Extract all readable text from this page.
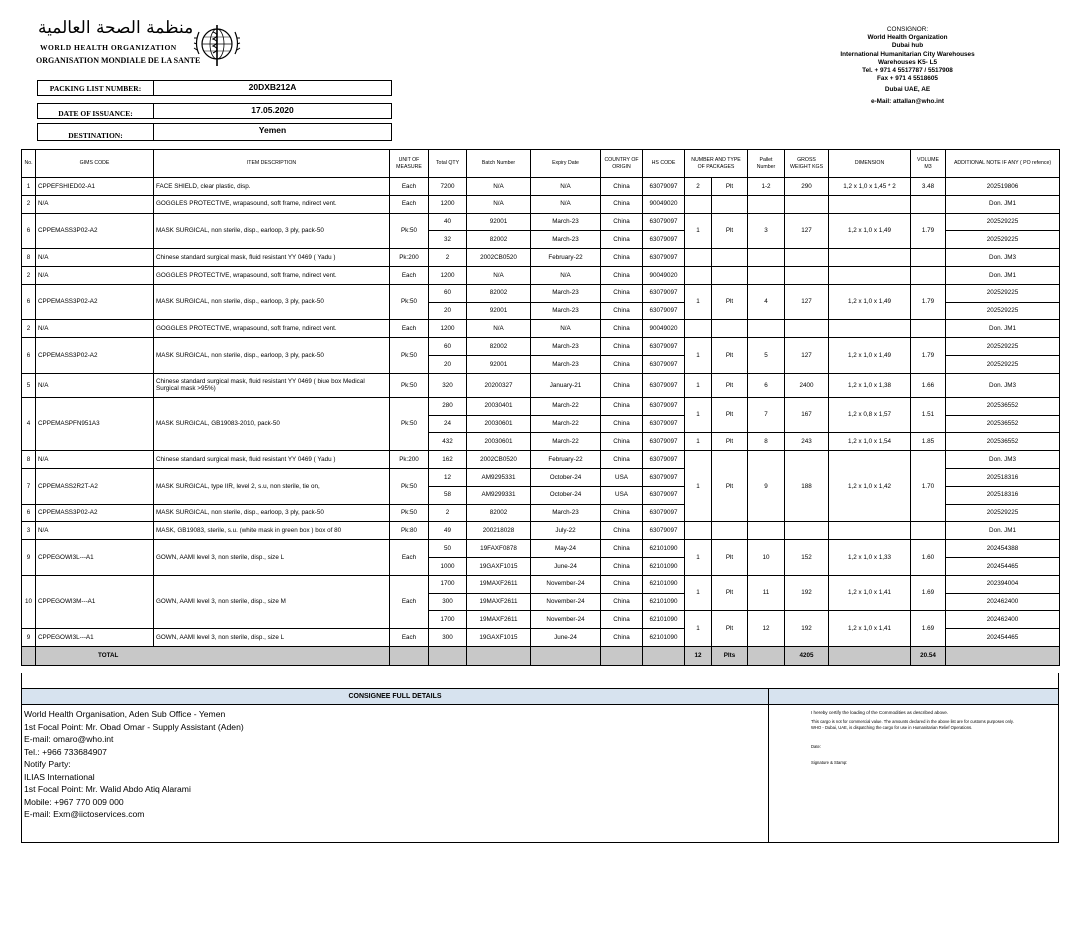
منظمة الصحة العالمية
WORLD HEALTH ORGANIZATION
ORGANISATION MONDIALE DE LA SANTE
CONSIGNOR:
World Health Organization
Dubai hub
International Humanitarian City Warehouses
Warehouses K5- L5
Tel. + 971 4 5517787 / 5517908
Fax + 971 4 5518605
Dubai UAE, AE
e-Mail: attallan@who.int
PACKING LIST NUMBER:	20DXB212A
DATE OF ISSUANCE:	17.05.2020
DESTINATION:	Yemen
No.	GIMS CODE	ITEM DESCRIPTION	UNIT OF MEASURE	Total QTY	Batch Number	Expiry Date	COUNTRY OF ORIGIN	HS CODE	NUMBER AND TYPE OF PACKAGES		Pallet Number	GROSS WEIGHT KGS	DIMENSION	VOLUME M3	ADDITIONAL NOTE IF ANY ( PO refence)
1	CPPEFSHIED02-A1	FACE SHIELD, clear plastic, disp.	Each	7200	N/A	N/A	China	63079097	2	Plt	1-2	290	1,2 x 1,0 x 1,45 * 2	3.48	202519806
2	N/A	GOGGLES PROTECTIVE, wrapasound, soft frame, ndirect vent.	Each	1200	N/A	N/A	China	90049020							Don. JM1
6	CPPEMASS3P02-A2	MASK SURGICAL, non sterile, disp., earloop, 3 ply, pack-50	Pk:50	40	92001	March-23	China	63079097	1	Plt	3	127	1,2 x 1,0 x 1,49	1.79	202529225
				32	82002	March-23	China	63079097							202529225
8	N/A	Chinese standard surgical mask, fluid resistant YY 0469 ( Yadu )	Pk:200	2	2002CB0520	February-22	China	63079097							Don. JM3
2	N/A	GOGGLES PROTECTIVE, wrapasound, soft frame, ndirect vent.	Each	1200	N/A	N/A	China	90049020							Don. JM1
6	CPPEMASS3P02-A2	MASK SURGICAL, non sterile, disp., earloop, 3 ply, pack-50	Pk:50	60	82002	March-23	China	63079097	1	Plt	4	127	1,2 x 1,0 x 1,49	1.79	202529225
				20	92001	March-23	China	63079097							202529225
2	N/A	GOGGLES PROTECTIVE, wrapasound, soft frame, ndirect vent.	Each	1200	N/A	N/A	China	90049020							Don. JM1
6	CPPEMASS3P02-A2	MASK SURGICAL, non sterile, disp., earloop, 3 ply, pack-50	Pk:50	60	82002	March-23	China	63079097	1	Plt	5	127	1,2 x 1,0 x 1,49	1.79	202529225
				20	92001	March-23	China	63079097							202529225
5	N/A	Chinese standard surgical mask, fluid resistant YY 0469 ( biue box Medical Surgical mask >95%)	Pk:50	320	20200327	January-21	China	63079097	1	Plt	6	2400	1,2 x 1,0 x 1,38	1.66	Don. JM3
4	CPPEMASPFN951A3	MASK SURGICAL, GB19083-2010, pack-50	Pk:50	280	20030401	March-22	China	63079097	1	Plt	7	167	1,2 x 0,8 x 1,57	1.51	202536552
				24	20030601	March-22	China	63079097							202536552
				432	20030601	March-22	China	63079097	1	Plt	8	243	1,2 x 1,0 x 1,54	1.85	202536552
8	N/A	Chinese standard surgical mask, fluid resistant YY 0469 ( Yadu )	Pk:200	162	2002CB0520	February-22	China	63079097	1	Plt	9	188	1,2 x 1,0 x 1,42	1.70	Don. JM3
7	CPPEMASS2R2T-A2	MASK SURGICAL, type IIR, level 2, s.u, non sterile, tie on,	Pk:50	12	AM9295331	October-24	USA	63079097							202518316
				58	AM9299331	October-24	USA	63079097							202518316
6	CPPEMASS3P02-A2	MASK SURGICAL, non sterile, disp., earloop, 3 ply, pack-50	Pk:50	2	82002	March-23	China	63079097							202529225
3	N/A	MASK, GB19083, sterile, s.u. (white mask in green box ) box of 80	Pk:80	49	200218028	July-22	China	63079097							Don. JM1
9	CPPEGOWI3L---A1	GOWN, AAMI level 3, non sterile, disp., size L	Each	50	19FAXF0878	May-24	China	62101090	1	Plt	10	152	1,2 x 1,0 x 1,33	1.60	202454388
				1000	19GAXF1015	June-24	China	62101090							202454465
10	CPPEGOWI3M---A1	GOWN, AAMI level 3, non sterile, disp., size M	Each	1700	19MAXF2611	November-24	China	62101090	1	Plt	11	192	1,2 x 1,0 x 1,41	1.69	202394004
				300	19MAXF2611	November-24	China	62101090							202462400
				1700	19MAXF2611	November-24	China	62101090	1	Plt	12	192	1,2 x 1,0 x 1,41	1.69	202462400
9	CPPEGOWI3L---A1	GOWN, AAMI level 3, non sterile, disp., size L	Each	300	19GAXF1015	June-24	China	62101090							202454465
	TOTAL								12	Plts		4205		20.54	
CONSIGNEE FULL DETAILS
World Health Organisation, Aden Sub Office - Yemen
1st Focal Point: Mr. Obad Omar - Supply Assistant (Aden)
E-mail: omaro@who.int
Tel.: +966 733684907
Notify Party:
ILIAS International
1st Focal Point: Mr. Walid Abdo Atiq Alarami
Mobile: +967 770 009 000
E-mail: Exm@iictoservices.com
I hereby certify the loading of the Commodities as described above.
This cargo is not for commercial value. The amounts declared in the above list are for customs purposes only. WHO - Dubai, UAE, is dispatching the cargo for use in Humanitarian Relief Operations.
Date:
Signature & Stamp:
